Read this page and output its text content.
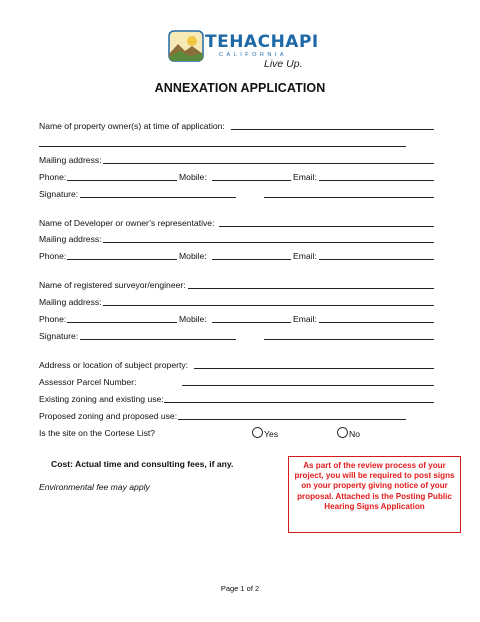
TEHACHAPI
CALIFORNIA
Live Up.
ANNEXATION APPLICATION
Name of property owner(s) at time of application:
Mailing address:
Phone:	Mobile:	Email:
Signature:
Name of Developer or owner’s representative:
Mailing address:
Phone:	Mobile:	Email:
Name of registered surveyor/engineer:
Mailing address:
Phone:	Mobile:	Email:
Signature:
Address or location of subject property:
Assessor Parcel Number:
Existing zoning and existing use:
Proposed zoning and proposed use:
Is the site on the Cortese List?	Yes	No
Cost: Actual time and consulting fees, if any.
Environmental fee may apply
As part of the review process of your project, you will be required to post signs on your property giving notice of your proposal. Attached is the Posting Public Hearing Signs Application
Page 1 of 2
